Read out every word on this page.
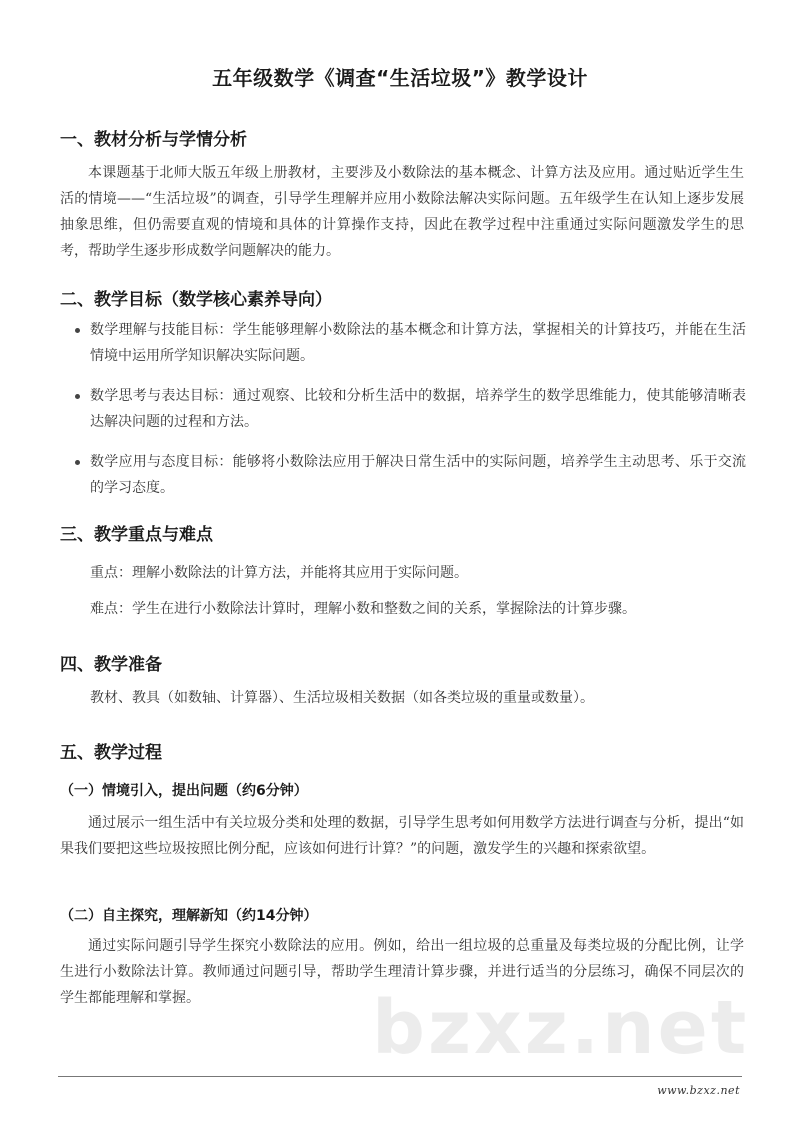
五年级数学《调查“生活垃圾”》教学设计
一、教材分析与学情分析
本课题基于北师大版五年级上册教材，主要涉及小数除法的基本概念、计算方法及应用。通过贴近学生生活的情境——“生活垃圾”的调查，引导学生理解并应用小数除法解决实际问题。五年级学生在认知上逐步发展抽象思维，但仍需要直观的情境和具体的计算操作支持，因此在教学过程中注重通过实际问题激发学生的思考，帮助学生逐步形成数学问题解决的能力。
二、教学目标（数学核心素养导向）
数学理解与技能目标：学生能够理解小数除法的基本概念和计算方法，掌握相关的计算技巧，并能在生活情境中运用所学知识解决实际问题。
数学思考与表达目标：通过观察、比较和分析生活中的数据，培养学生的数学思维能力，使其能够清晰表达解决问题的过程和方法。
数学应用与态度目标：能够将小数除法应用于解决日常生活中的实际问题，培养学生主动思考、乐于交流的学习态度。
三、教学重点与难点
重点：理解小数除法的计算方法，并能将其应用于实际问题。
难点：学生在进行小数除法计算时，理解小数和整数之间的关系，掌握除法的计算步骤。
四、教学准备
教材、教具（如数轴、计算器）、生活垃圾相关数据（如各类垃圾的重量或数量）。
五、教学过程
（一）情境引入，提出问题（约6分钟）
通过展示一组生活中有关垃圾分类和处理的数据，引导学生思考如何用数学方法进行调查与分析，提出“如果我们要把这些垃圾按照比例分配，应该如何进行计算？”的问题，激发学生的兴趣和探索欲望。
（二）自主探究，理解新知（约14分钟）
通过实际问题引导学生探究小数除法的应用。例如，给出一组垃圾的总重量及每类垃圾的分配比例，让学生进行小数除法计算。教师通过问题引导，帮助学生理清计算步骤，并进行适当的分层练习，确保不同层次的学生都能理解和掌握。	bzxz.net
www.bzxz.net
